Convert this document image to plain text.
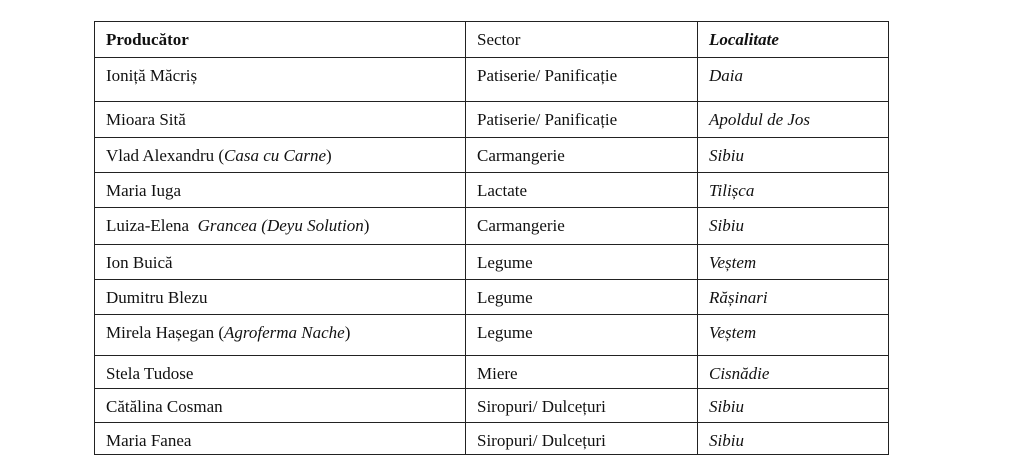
Producător	Sector	Localitate
Ioniță Măcriș	Patiserie/ Panificație	Daia
Mioara Sită	Patiserie/ Panificație	Apoldul de Jos
Vlad Alexandru (Casa cu Carne)	Carmangerie	Sibiu
Maria Iuga	Lactate	Tilișca
Luiza-Elena Grancea (Deyu Solution)	Carmangerie	Sibiu
Ion Buică	Legume	Veștem
Dumitru Blezu	Legume	Rășinari
Mirela Hașegan (Agroferma Nache)	Legume	Veștem
Stela Tudose	Miere	Cisnădie
Cătălina Cosman	Siropuri/ Dulcețuri	Sibiu
Maria Fanea	Siropuri/ Dulcețuri	Sibiu
